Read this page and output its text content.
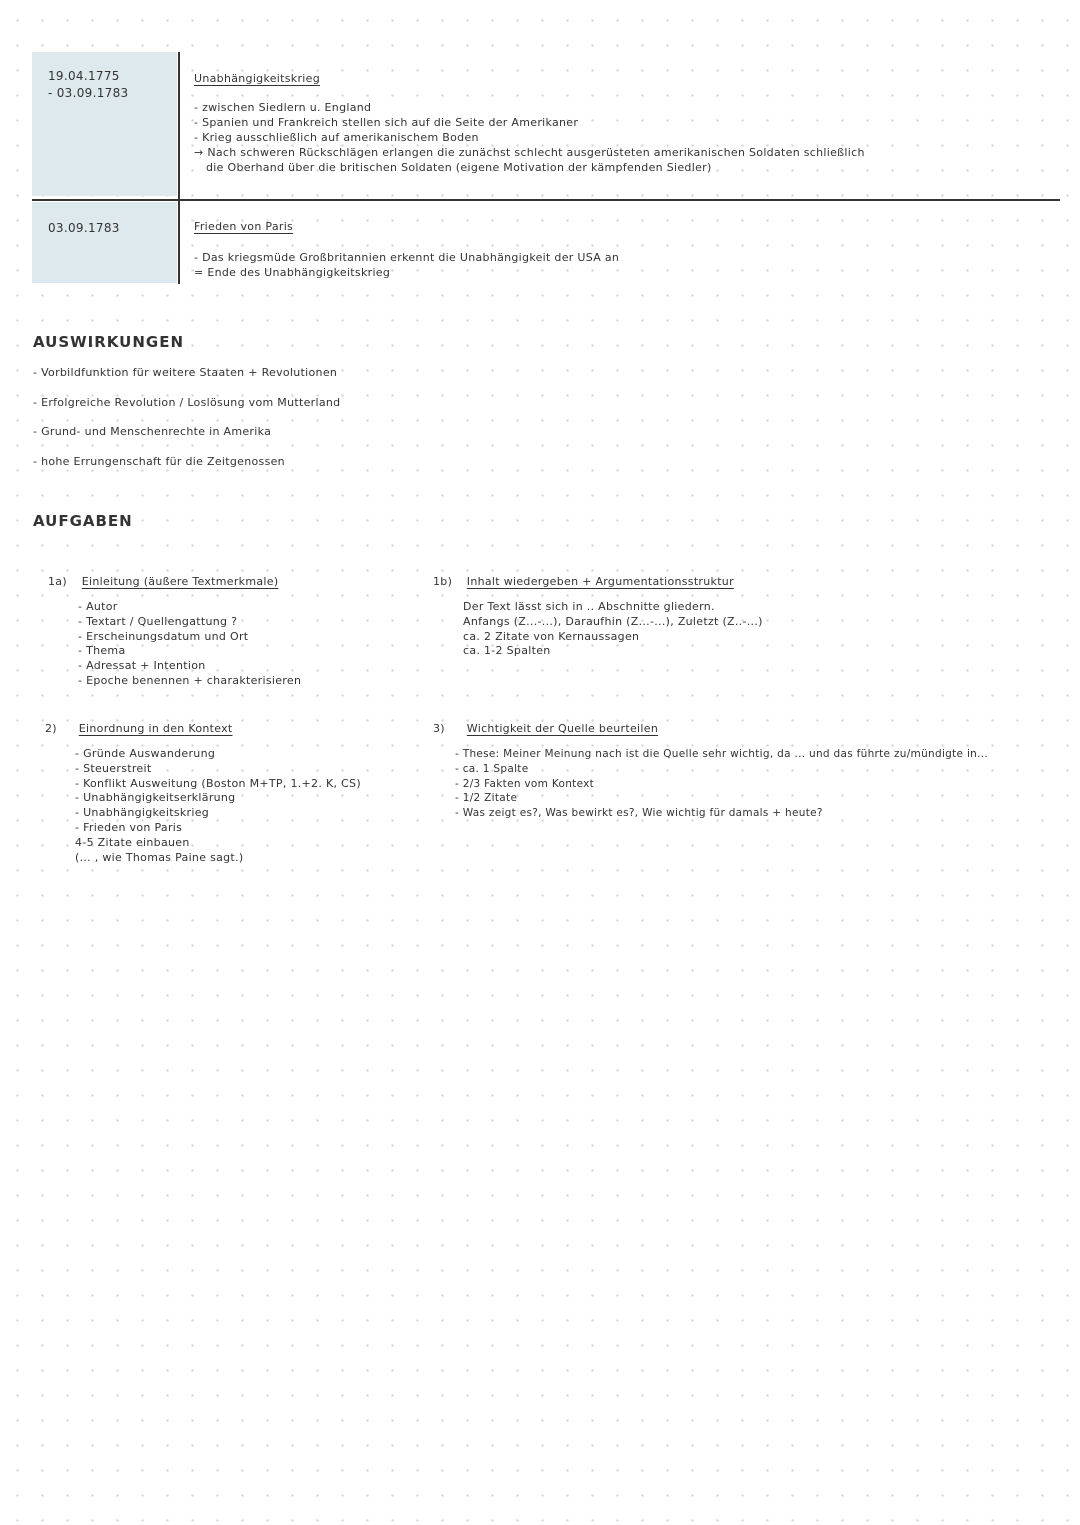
19.04.1775
- 03.09.1783
Unabhängigkeitskrieg
- zwischen Siedlern u. England
- Spanien und Frankreich stellen sich auf die Seite der Amerikaner
- Krieg ausschließlich auf amerikanischem Boden
→ Nach schweren Rückschlägen erlangen die zunächst schlecht ausgerüsteten amerikanischen Soldaten schließlich
die Oberhand über die britischen Soldaten (eigene Motivation der kämpfenden Siedler)
03.09.1783	Frieden von Paris
- Das kriegsmüde Großbritannien erkennt die Unabhängigkeit der USA an
= Ende des Unabhängigkeitskrieg
AUSWIRKUNGEN
- Vorbildfunktion für weitere Staaten + Revolutionen
- Erfolgreiche Revolution / Loslösung vom Mutterland
- Grund- und Menschenrechte in Amerika
- hohe Errungenschaft für die Zeitgenossen
AUFGABEN
1a) Einleitung (äußere Textmerkmale)
- Autor
- Textart / Quellengattung ?
- Erscheinungsdatum und Ort
- Thema
- Adressat + Intention
- Epoche benennen + charakterisieren
1b) Inhalt wiedergeben + Argumentationsstruktur
Der Text lässt sich in .. Abschnitte gliedern.
Anfangs (Z...-...), Daraufhin (Z...-...), Zuletzt (Z..-...)
ca. 2 Zitate von Kernaussagen
ca. 1-2 Spalten
2) Einordnung in den Kontext
- Gründe Auswanderung
- Steuerstreit
- Konflikt Ausweitung (Boston M+TP, 1.+2. K, CS)
- Unabhängigkeitserklärung
- Unabhängigkeitskrieg
- Frieden von Paris
4-5 Zitate einbauen
(... , wie Thomas Paine sagt.)
3) Wichtigkeit der Quelle beurteilen
- These: Meiner Meinung nach ist die Quelle sehr wichtig, da ... und das führte zu/mündigte in...
- ca. 1 Spalte
- 2/3 Fakten vom Kontext
- 1/2 Zitate
- Was zeigt es?, Was bewirkt es?, Wie wichtig für damals + heute?
